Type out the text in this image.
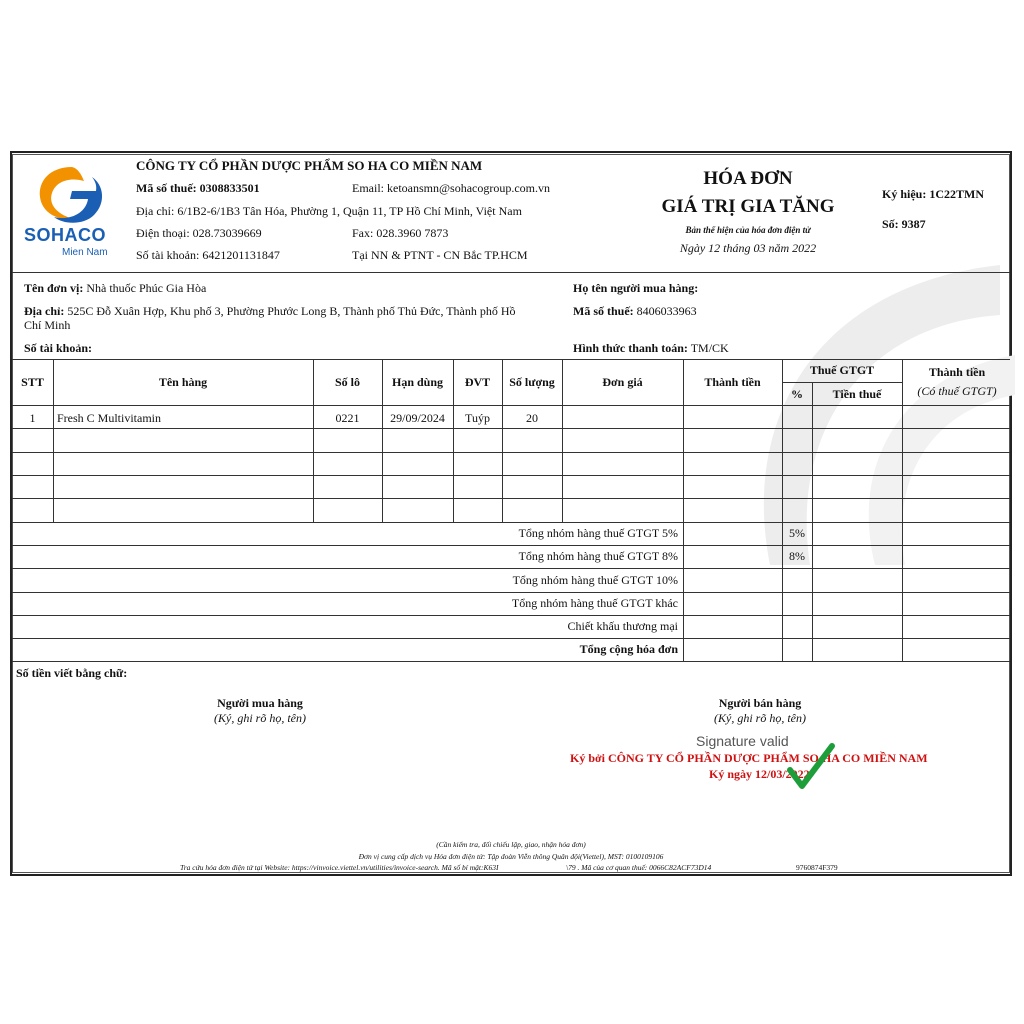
SOHACO
Mien Nam
CÔNG TY CỔ PHẦN DƯỢC PHẨM SO HA CO MIỀN NAM
Mã số thuế: 0308833501	Email: ketoansmn@sohacogroup.com.vn
Địa chỉ: 6/1B2-6/1B3 Tân Hóa, Phường 1, Quận 11, TP Hồ Chí Minh, Việt Nam
Điện thoại: 028.73039669	Fax: 028.3960 7873
Số tài khoản: 6421201131847	Tại NN & PTNT - CN Bắc TP.HCM
HÓA ĐƠN
GIÁ TRỊ GIA TĂNG
Bản thể hiện của hóa đơn điện tử
Ngày 12 tháng 03 năm 2022
Ký hiệu: 1C22TMN
Số: 9387
Tên đơn vị: Nhà thuốc Phúc Gia Hòa	Họ tên người mua hàng:
Địa chỉ: 525C Đỗ Xuân Hợp, Khu phố 3, Phường Phước Long B, Thành phố Thủ Đức, Thành phố Hồ
Chí Minh
Mã số thuế: 8406033963
Số tài khoản:	Hình thức thanh toán: TM/CK
STT	Tên hàng	Số lô	Hạn dùng	ĐVT	Số lượng	Đơn giá	Thành tiền
Thuế GTGT
%	Tiền thuế
Thành tiền
(Có thuế GTGT)
1	Fresh C Multivitamin	0221	29/09/2024	Tuýp	20
Tổng nhóm hàng thuế GTGT 5%	5%
Tổng nhóm hàng thuế GTGT 8%	8%
Tổng nhóm hàng thuế GTGT 10%
Tổng nhóm hàng thuế GTGT khác
Chiết khấu thương mại
Tổng cộng hóa đơn
Số tiền viết bằng chữ:
Người mua hàng
(Ký, ghi rõ họ, tên)
Người bán hàng
(Ký, ghi rõ họ, tên)
Signature valid
Ký bởi CÔNG TY CỔ PHẦN DƯỢC PHẨM SO HA CO MIỀN NAM
Ký ngày 12/03/2022
(Cần kiểm tra, đối chiếu lập, giao, nhận hóa đơn)
Đơn vị cung cấp dịch vụ Hóa đơn điện tử: Tập đoàn Viễn thông Quân đội(Viettel), MST: 0100109106
Tra cứu hóa đơn điện tử tại Website: https://vinvoice.viettel.vn/utilities/invoice-search. Mã số bí mật:K63I	\79 . Mã của cơ quan thuế: 0066C82ACF73D14	9760874F379
